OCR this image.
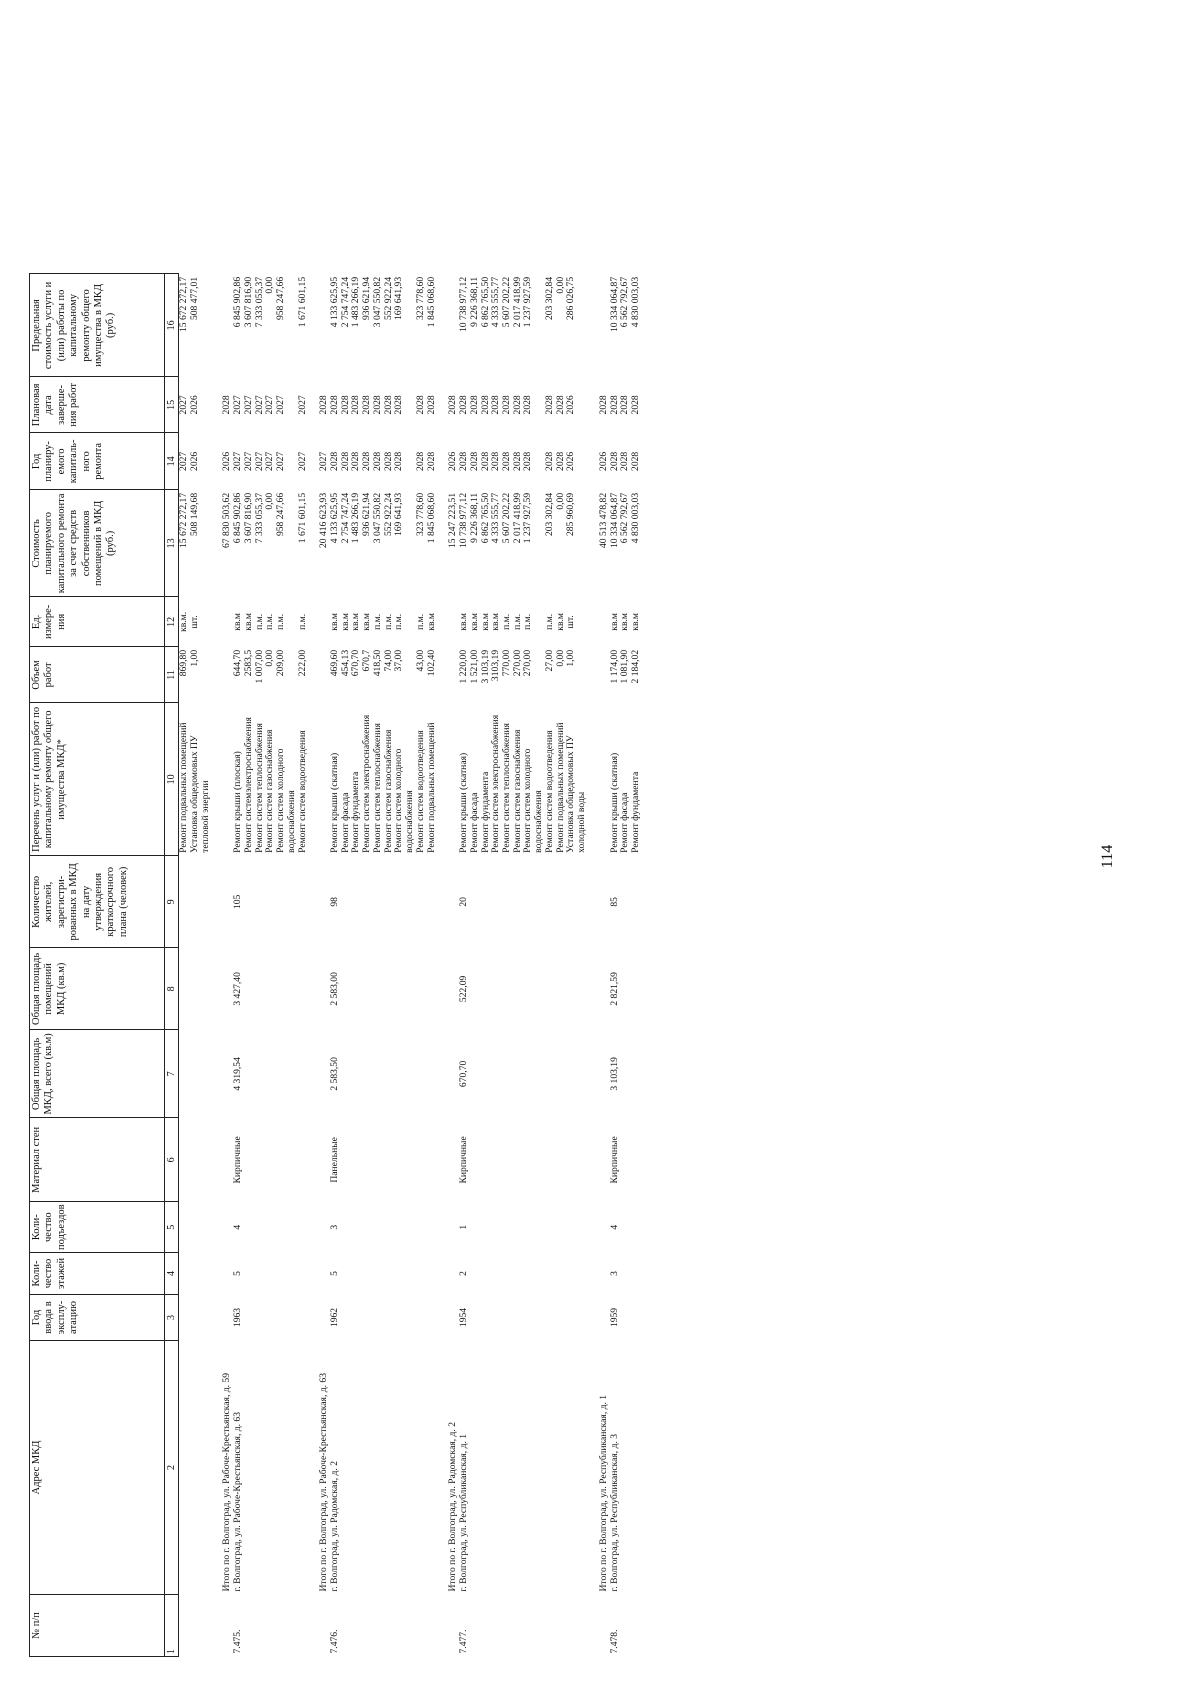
№ п/п	Адрес МКД	Год ввода в эксплу-атацию	Коли-чество этажей	Коли-чество подъездов	Материал стен	Общая площадь МКД, всего (кв.м)	Общая площадь помещений МКД (кв.м)	Количество жителей, зарегистри-рованных в МКД на дату утверждения краткосрочного плана (человек)	Перечень услуг и (или) работ по капитальному ремонту общего имущества МКД*	Объем работ	Ед. измере-ния	Стоимость планируемого капитального ремонта за счет средств собственников помещений в МКД (руб.)	Год планиру-емого капиталь-ного ремонта	Плановая дата заверше-ния работ	Предельная стоимость услуги и (или) работы по капитальному ремонту общего имущества в МКД (руб.)
1	2	3	4	5	6	7	8	9	10	11	12	13	14	15	16
									Ремонт подвальных помещений	869,80	кв.м.	15 672 272,17	2027	2027	15 672 272,17
									Установка общедомовых ПУ тепловой энергии	1,00	шт.	508 149,68	2026	2026	508 477,01

	Итого по г. Волгоград, ул. Рабоче-Крестьянская, д. 59											67 830 503,62	2026	2028	
7.475.	г. Волгоград, ул. Рабоче-Крестьянская, д. 63	1963	5	4	Кирпичные	4 319,54	3 427,40	105	Ремонт крыши (плоская)	644,70	кв.м	6 845 902,86	2027	2027	6 845 902,86
									Ремонт системэлектроснабжения	2583,5	кв.м	3 607 816,90	2027	2027	3 607 816,90
									Ремонт систем теплоснабжения	1 007,00	п.м.	7 333 055,37	2027	2027	7 333 055,37
									Ремонт систем газоснабжения	0,00	п.м.	0,00	2027	2027	0,00
									Ремонт систем холодного водоснабжения	209,00	п.м.	958 247,66	2027	2027	958 247,66
									Ремонт систем водоотведения	222,00	п.м.	1 671 601,15	2027	2027	1 671 601,15

	Итого по г. Волгоград, ул. Рабоче-Крестьянская, д. 63											20 416 623,93	2027	2028	
7.476.	г. Волгоград, ул. Радомская, д. 2	1962	5	3	Панельные	2 583,50	2 583,00	98	Ремонт крыши (скатная)	469,60	кв.м	4 133 625,95	2028	2028	4 133 625,95
									Ремонт фасада	454,13	кв.м	2 754 747,24	2028	2028	2 754 747,24
									Ремонт фундамента	670,70	кв.м	1 483 266,19	2028	2028	1 483 266,19
									Ремонт систем электроснабжения	670,7	кв.м	936 621,94	2028	2028	936 621,94
									Ремонт систем теплоснабжения	418,50	п.м.	3 047 550,82	2028	2028	3 047 550,82
									Ремонт систем газоснабжения	74,00	п.м.	552 922,24	2028	2028	552 922,24
									Ремонт систем холодного водоснабжения	37,00	п.м.	169 641,93	2028	2028	169 641,93
									Ремонт систем водоотведения	43,00	п.м.	323 778,60	2028	2028	323 778,60
									Ремонт подвальных помещений	102,40	кв.м	1 845 068,60	2028	2028	1 845 068,60

	Итого по г. Волгоград, ул. Радомская, д. 2											15 247 223,51	2026	2028	
7.477.	г. Волгоград, ул. Республиканская, д. 1	1954	2	1	Кирпичные	670,70	522,09	20	Ремонт крыши (скатная)	1 220,00	кв.м	10 738 977,12	2028	2028	10 738 977,12
									Ремонт фасада	1 521,00	кв.м	9 226 368,11	2028	2028	9 226 368,11
									Ремонт фундамента	3 103,19	кв.м	6 862 765,50	2028	2028	6 862 765,50
									Ремонт систем электроснабжения	3103,19	кв.м	4 333 555,77	2028	2028	4 333 555,77
									Ремонт систем теплоснабжения	770,00	п.м.	5 607 202,22	2028	2028	5 607 202,22
									Ремонт систем газоснабжения	270,00	п.м.	2 017 418,99	2028	2028	2 017 418,99
									Ремонт систем холодного водоснабжения	270,00	п.м.	1 237 927,59	2028	2028	1 237 927,59
									Ремонт систем водоотведения	27,00	п.м.	203 302,84	2028	2028	203 302,84
									Ремонт подвальных помещений	0,00	кв.м	0,00	2028	2028	0,00
									Установка общедомовых ПУ холодной воды	1,00	шт.	285 960,69	2026	2026	286 026,75

	Итого по г. Волгоград, ул. Республиканская, д. 1											40 513 478,82	2026	2028	
7.478.	г. Волгоград, ул. Республиканская, д. 3	1959	3	4	Кирпичные	3 103,19	2 821,59	85	Ремонт крыши (скатная)	1 174,00	кв.м	10 334 064,87	2028	2028	10 334 064,87
									Ремонт фасада	1 081,90	кв.м	6 562 792,67	2028	2028	6 562 792,67
									Ремонт фундамента	2 184,02	кв.м	4 830 003,03	2028	2028	4 830 003,03
114
